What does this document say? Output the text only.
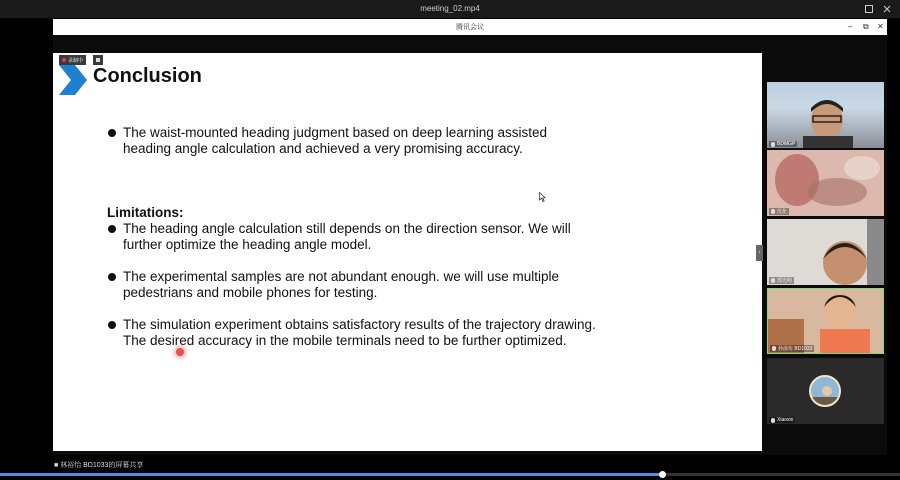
meeting_02.mp4
腾讯会议	– ⧉ ✕
录制中
Conclusion
The waist-mounted heading judgment based on deep learning assisted
heading angle calculation and achieved a very promising accuracy.
Limitations:
The heading angle calculation still depends on the direction sensor. We will
further optimize the heading angle model.
The experimental samples are not abundant enough. we will use multiple
pedestrians and mobile phones for testing.
The simulation experiment obtains satisfactory results of the trajectory drawing.
The desired accuracy in the mobile terminals need to be further optimized.
›
BDMGP
沈化
郑光明
孙滋珩 BD1033
Xiaoxin
■ 林裕怡 BD1033的屏幕共享
